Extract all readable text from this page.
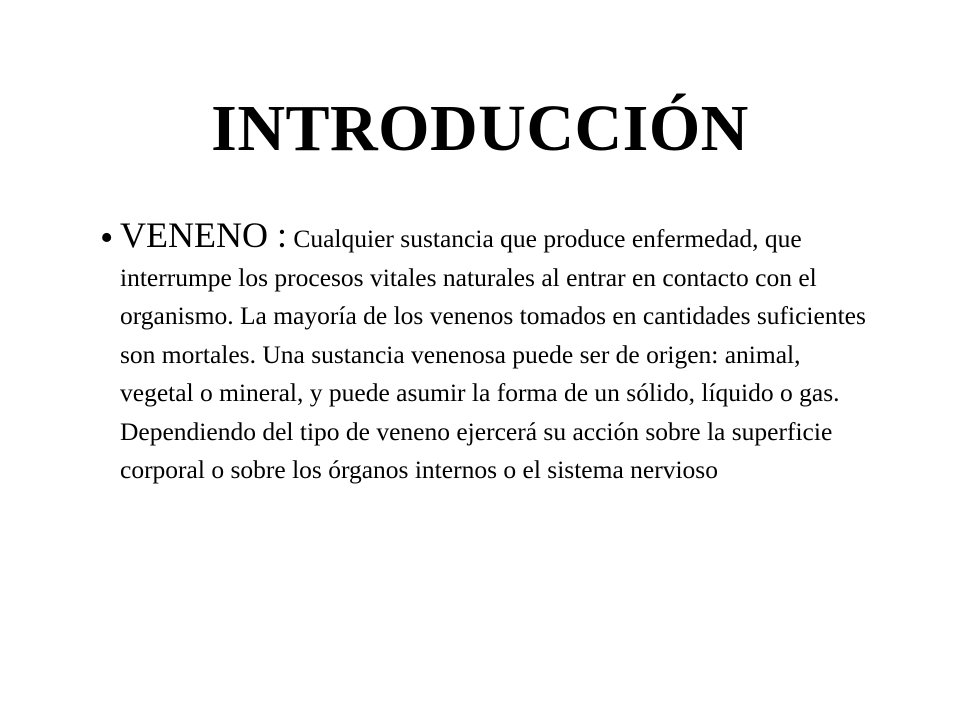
INTRODUCCIÓN
• VENENO : Cualquier sustancia que produce enfermedad, que interrumpe los procesos vitales naturales al entrar en contacto con el organismo. La mayoría de los venenos tomados en cantidades suficientes son mortales. Una sustancia venenosa puede ser de origen: animal, vegetal o mineral, y puede asumir la forma de un sólido, líquido o gas. Dependiendo del tipo de veneno ejercerá su acción sobre la superficie corporal o sobre los órganos internos o el sistema nervioso
